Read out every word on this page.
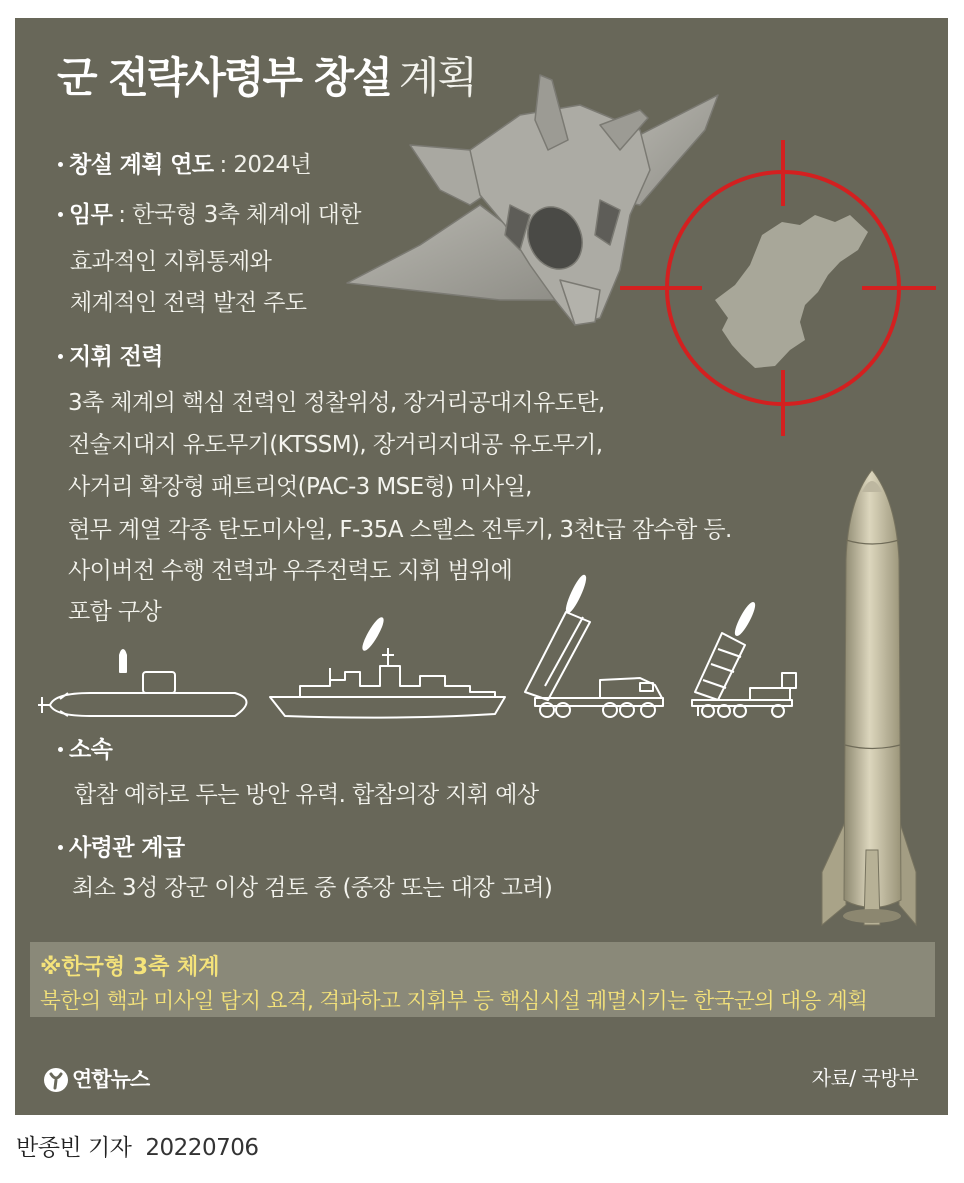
군 전략사령부 창설 계획
창설 계획 연도 : 2024년
임무 : 한국형 3축 체계에 대한
효과적인 지휘통제와
체계적인 전력 발전 주도
지휘 전력
3축 체계의 핵심 전력인 정찰위성, 장거리공대지유도탄,
전술지대지 유도무기(KTSSM), 장거리지대공 유도무기,
사거리 확장형 패트리엇(PAC-3 MSE형) 미사일,
현무 계열 각종 탄도미사일, F-35A 스텔스 전투기, 3천t급 잠수함 등.
사이버전 수행 전력과 우주전력도 지휘 범위에
포함 구상
소속
합참 예하로 두는 방안 유력. 합참의장 지휘 예상
사령관 계급
최소 3성 장군 이상 검토 중 (중장 또는 대장 고려)
※한국형 3축 체계
북한의 핵과 미사일 탐지 요격, 격파하고 지휘부 등 핵심시설 궤멸시키는 한국군의 대응 계획
연합뉴스	자료/ 국방부
반종빈 기자 20220706
